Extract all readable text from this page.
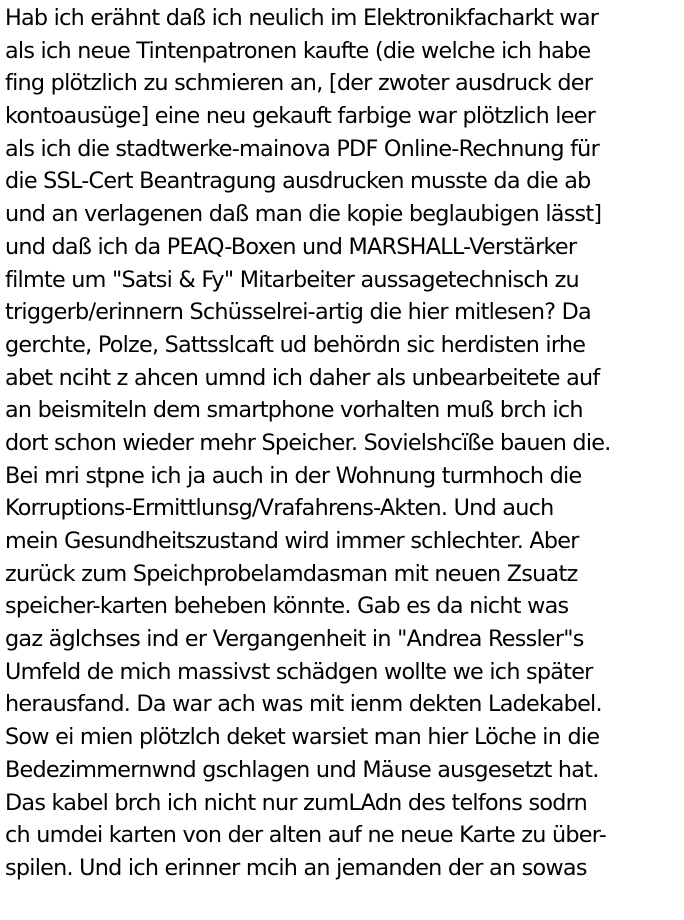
Hab ich erähnt daß ich neulich im Elektronikfacharkt war
als ich neue Tintenpatronen kaufte (die welche ich habe
fing plötzlich zu schmieren an, [der zwoter ausdruck der
kontoausüge] eine neu gekauft farbige war plötzlich leer
als ich die stadtwerke-mainova PDF Online-Rechnung für
die SSL-Cert Beantragung ausdrucken musste da die ab
und an verlagenen daß man die kopie beglaubigen lässt]
und daß ich da PEAQ-Boxen und MARSHALL-Verstärker
filmte um "Satsi & Fy" Mitarbeiter aussagetechnisch zu
triggerb/erinnern Schüsselrei-artig die hier mitlesen? Da
gerchte, Polze, Sattsslcaft ud behördn sic herdisten irhe
abet nciht z ahcen umnd ich daher als unbearbeitete auf
an beismiteln dem smartphone vorhalten muß brch ich
dort schon wieder mehr Speicher. Sovielshcïße bauen die.
Bei mri stpne ich ja auch in der Wohnung turmhoch die
Korruptions-Ermittlunsg/Vrafahrens-Akten. Und auch
mein Gesundheitszustand wird immer schlechter. Aber
zurück zum Speichprobelamdasman mit neuen Zsuatz
speicher-karten beheben könnte. Gab es da nicht was
gaz äglchses ind er Vergangenheit in "Andrea Ressler"s
Umfeld de mich massivst schädgen wollte we ich später
herausfand. Da war ach was mit ienm dekten Ladekabel.
Sow ei mien plötzlch deket warsiet man hier Löche in die
Bedezimmernwnd gschlagen und Mäuse ausgesetzt hat.
Das kabel brch ich nicht nur zumLAdn des telfons sodrn
ch umdei karten von der alten auf ne neue Karte zu über-
spilen. Und ich erinner mcih an jemanden der an sowas
